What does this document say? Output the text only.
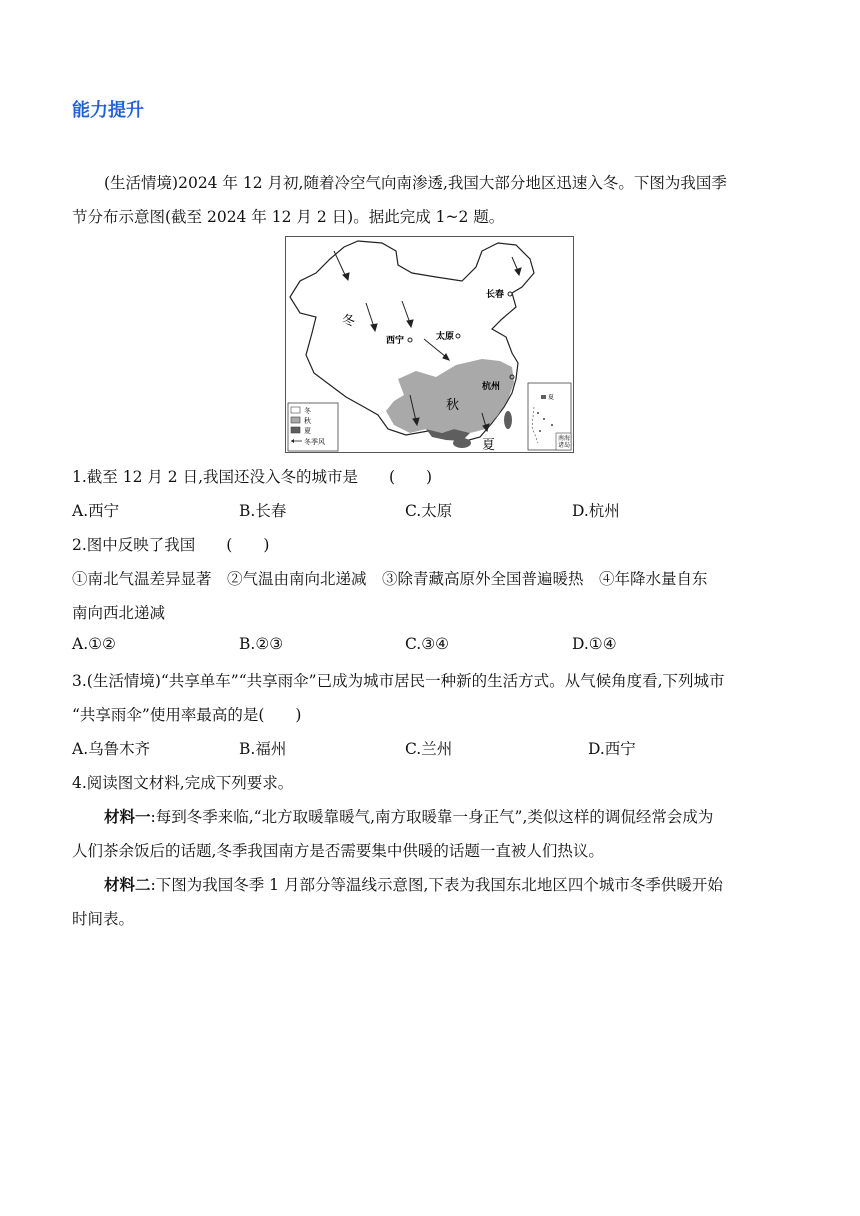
能力提升
(生活情境)2024 年 12 月初,随着冷空气向南渗透,我国大部分地区迅速入冬。下图为我国季
节分布示意图(截至 2024 年 12 月 2 日)。据此完成 1~2 题。
冬
西宁	太原
长春
杭州
秋
夏
冬
秋
夏
冬季风
夏
南海
诸岛
1.截至 12 月 2 日,我国还没入冬的城市是　　(　　)
A.西宁	B.长春	C.太原	D.杭州
2.图中反映了我国　　(　　)
①南北气温差异显著　②气温由南向北递减　③除青藏高原外全国普遍暖热　④年降水量自东
南向西北递减
A.①②	B.②③	C.③④	D.①④
3.(生活情境)“共享单车”“共享雨伞”已成为城市居民一种新的生活方式。从气候角度看,下列城市
“共享雨伞”使用率最高的是(　　)
A.乌鲁木齐	B.福州	C.兰州	D.西宁
4.阅读图文材料,完成下列要求。
材料一:每到冬季来临,“北方取暖靠暖气,南方取暖靠一身正气”,类似这样的调侃经常会成为
人们茶余饭后的话题,冬季我国南方是否需要集中供暖的话题一直被人们热议。
材料二:下图为我国冬季 1 月部分等温线示意图,下表为我国东北地区四个城市冬季供暖开始
时间表。
